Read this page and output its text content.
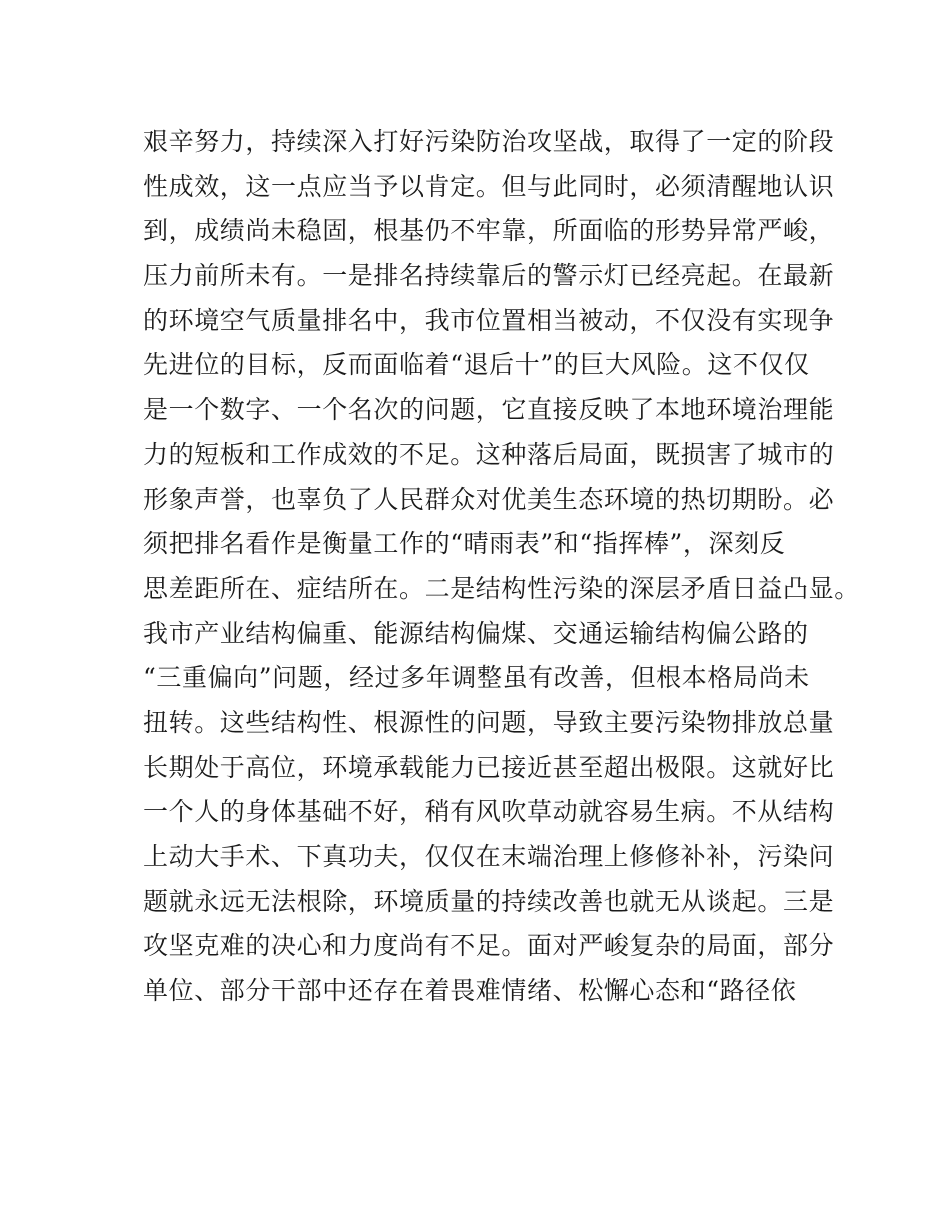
艰辛努力，持续深入打好污染防治攻坚战，取得了一定的阶段
性成效，这一点应当予以肯定。但与此同时，必须清醒地认识
到，成绩尚未稳固，根基仍不牢靠，所面临的形势异常严峻，
压力前所未有。一是排名持续靠后的警示灯已经亮起。在最新
的环境空气质量排名中，我市位置相当被动，不仅没有实现争
先进位的目标，反而面临着“退后十”的巨大风险。这不仅仅
是一个数字、一个名次的问题，它直接反映了本地环境治理能
力的短板和工作成效的不足。这种落后局面，既损害了城市的
形象声誉，也辜负了人民群众对优美生态环境的热切期盼。必
须把排名看作是衡量工作的“晴雨表”和“指挥棒”，深刻反
思差距所在、症结所在。二是结构性污染的深层矛盾日益凸显。
我市产业结构偏重、能源结构偏煤、交通运输结构偏公路的
“三重偏向”问题，经过多年调整虽有改善，但根本格局尚未
扭转。这些结构性、根源性的问题，导致主要污染物排放总量
长期处于高位，环境承载能力已接近甚至超出极限。这就好比
一个人的身体基础不好，稍有风吹草动就容易生病。不从结构
上动大手术、下真功夫，仅仅在末端治理上修修补补，污染问
题就永远无法根除，环境质量的持续改善也就无从谈起。三是
攻坚克难的决心和力度尚有不足。面对严峻复杂的局面，部分
单位、部分干部中还存在着畏难情绪、松懈心态和“路径依
